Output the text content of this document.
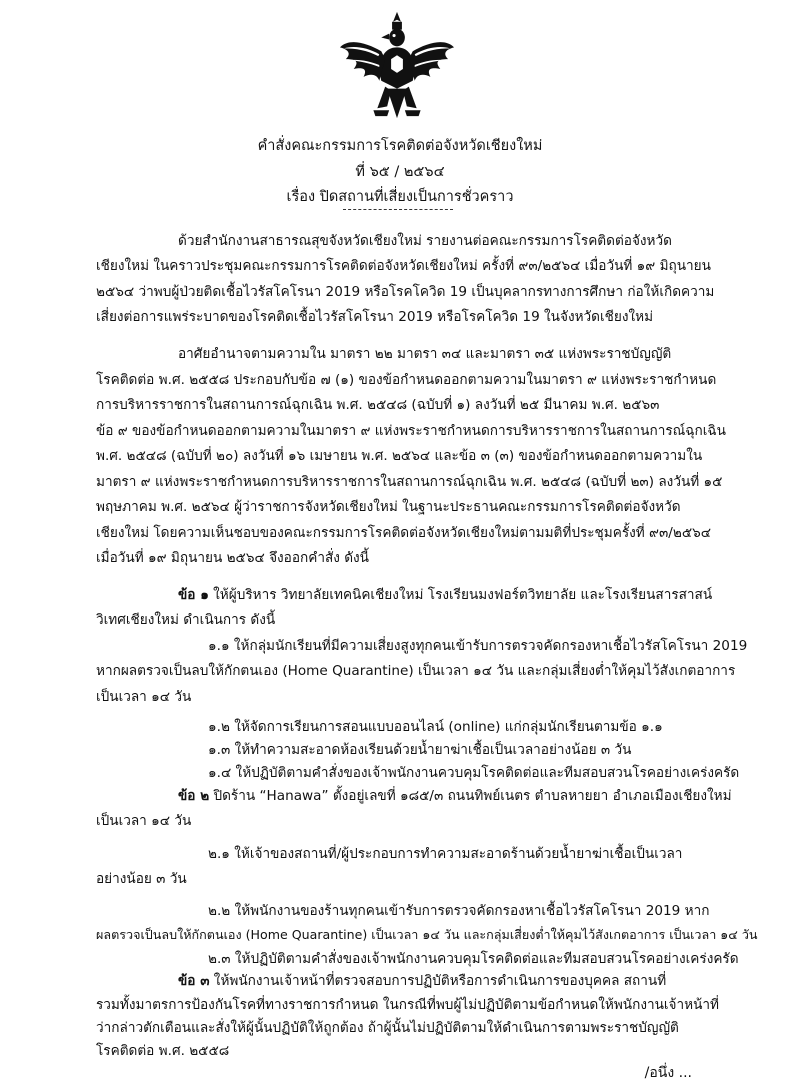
คำสั่งคณะกรรมการโรคติดต่อจังหวัดเชียงใหม่
ที่ ๖๕ / ๒๕๖๔
เรื่อง ปิดสถานที่เสี่ยงเป็นการชั่วคราว
ด้วยสำนักงานสาธารณสุขจังหวัดเชียงใหม่ รายงานต่อคณะกรรมการโรคติดต่อจังหวัด
เชียงใหม่ ในคราวประชุมคณะกรรมการโรคติดต่อจังหวัดเชียงใหม่ ครั้งที่ ๙๓/๒๕๖๔ เมื่อวันที่ ๑๙ มิถุนายน
๒๕๖๔ ว่าพบผู้ป่วยติดเชื้อไวรัสโคโรนา 2019 หรือโรคโควิด 19 เป็นบุคลากรทางการศึกษา ก่อให้เกิดความ
เสี่ยงต่อการแพร่ระบาดของโรคติดเชื้อไวรัสโคโรนา 2019 หรือโรคโควิด 19 ในจังหวัดเชียงใหม่
อาศัยอำนาจตามความใน มาตรา ๒๒ มาตรา ๓๔ และมาตรา ๓๕ แห่งพระราชบัญญัติ
โรคติดต่อ พ.ศ. ๒๕๕๘ ประกอบกับข้อ ๗ (๑) ของข้อกำหนดออกตามความในมาตรา ๙ แห่งพระราชกำหนด
การบริหารราชการในสถานการณ์ฉุกเฉิน พ.ศ. ๒๕๔๘ (ฉบับที่ ๑) ลงวันที่ ๒๕ มีนาคม พ.ศ. ๒๕๖๓
ข้อ ๙ ของข้อกำหนดออกตามความในมาตรา ๙ แห่งพระราชกำหนดการบริหารราชการในสถานการณ์ฉุกเฉิน
พ.ศ. ๒๕๔๘ (ฉบับที่ ๒๐) ลงวันที่ ๑๖ เมษายน พ.ศ. ๒๕๖๔ และข้อ ๓ (๓) ของข้อกำหนดออกตามความใน
มาตรา ๙ แห่งพระราชกำหนดการบริหารราชการในสถานการณ์ฉุกเฉิน พ.ศ. ๒๕๔๘ (ฉบับที่ ๒๓) ลงวันที่ ๑๕
พฤษภาคม พ.ศ. ๒๕๖๔ ผู้ว่าราชการจังหวัดเชียงใหม่ ในฐานะประธานคณะกรรมการโรคติดต่อจังหวัด
เชียงใหม่ โดยความเห็นชอบของคณะกรรมการโรคติดต่อจังหวัดเชียงใหม่ตามมติที่ประชุมครั้งที่ ๙๓/๒๕๖๔
เมื่อวันที่ ๑๙ มิถุนายน ๒๕๖๔ จึงออกคำสั่ง ดังนี้
ข้อ ๑ ให้ผู้บริหาร วิทยาลัยเทคนิคเชียงใหม่ โรงเรียนมงฟอร์ตวิทยาลัย และโรงเรียนสารสาสน์
วิเทศเชียงใหม่ ดำเนินการ ดังนี้
๑.๑ ให้กลุ่มนักเรียนที่มีความเสี่ยงสูงทุกคนเข้ารับการตรวจคัดกรองหาเชื้อไวรัสโคโรนา 2019
หากผลตรวจเป็นลบให้กักตนเอง (Home Quarantine) เป็นเวลา ๑๔ วัน และกลุ่มเสี่ยงต่ำให้คุมไว้สังเกตอาการ
เป็นเวลา ๑๔ วัน
๑.๒ ให้จัดการเรียนการสอนแบบออนไลน์ (online) แก่กลุ่มนักเรียนตามข้อ ๑.๑
๑.๓ ให้ทำความสะอาดห้องเรียนด้วยน้ำยาฆ่าเชื้อเป็นเวลาอย่างน้อย ๓ วัน
๑.๔ ให้ปฏิบัติตามคำสั่งของเจ้าพนักงานควบคุมโรคติดต่อและทีมสอบสวนโรคอย่างเคร่งครัด
ข้อ ๒ ปิดร้าน “Hanawa” ตั้งอยู่เลขที่ ๑๘๕/๓ ถนนทิพย์เนตร ตำบลหายยา อำเภอเมืองเชียงใหม่
เป็นเวลา ๑๔ วัน
๒.๑ ให้เจ้าของสถานที่/ผู้ประกอบการทำความสะอาดร้านด้วยน้ำยาฆ่าเชื้อเป็นเวลา
อย่างน้อย ๓ วัน
๒.๒ ให้พนักงานของร้านทุกคนเข้ารับการตรวจคัดกรองหาเชื้อไวรัสโคโรนา 2019 หาก
ผลตรวจเป็นลบให้กักตนเอง (Home Quarantine) เป็นเวลา ๑๔ วัน และกลุ่มเสี่ยงต่ำให้คุมไว้สังเกตอาการ เป็นเวลา ๑๔ วัน
๒.๓ ให้ปฏิบัติตามคำสั่งของเจ้าพนักงานควบคุมโรคติดต่อและทีมสอบสวนโรคอย่างเคร่งครัด
ข้อ ๓ ให้พนักงานเจ้าหน้าที่ตรวจสอบการปฏิบัติหรือการดำเนินการของบุคคล สถานที่
รวมทั้งมาตรการป้องกันโรคที่ทางราชการกำหนด ในกรณีที่พบผู้ไม่ปฏิบัติตามข้อกำหนดให้พนักงานเจ้าหน้าที่
ว่ากล่าวตักเตือนและสั่งให้ผู้นั้นปฏิบัติให้ถูกต้อง ถ้าผู้นั้นไม่ปฏิบัติตามให้ดำเนินการตามพระราชบัญญัติ
โรคติดต่อ พ.ศ. ๒๕๕๘
/อนึ่ง ...
